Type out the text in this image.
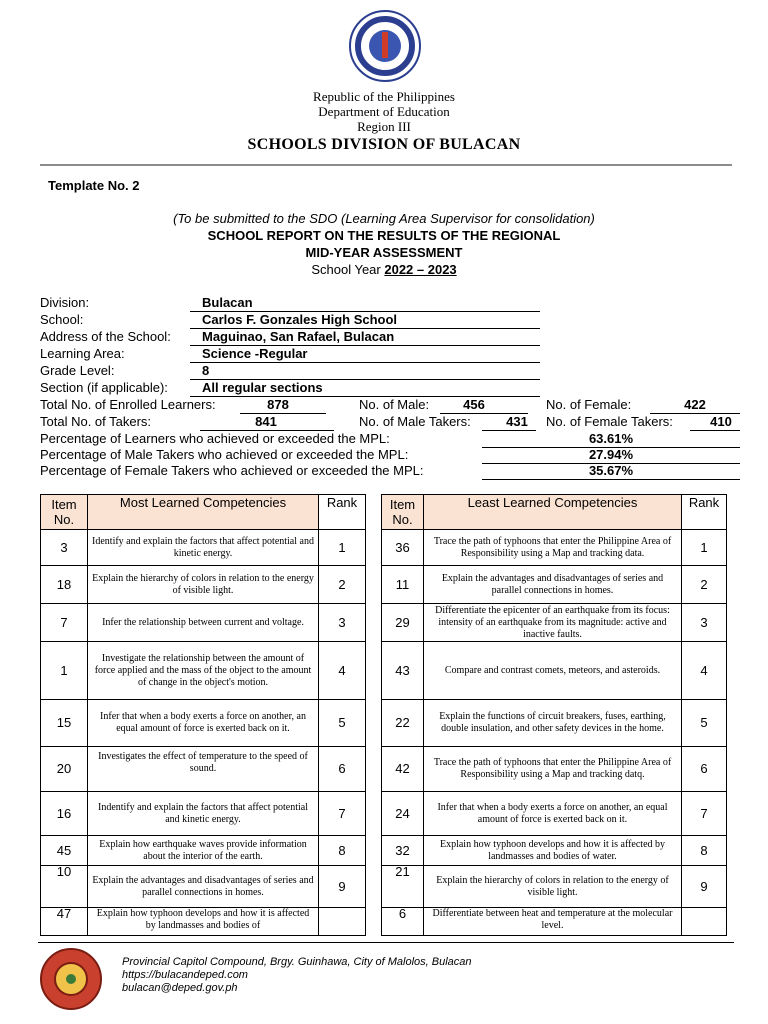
Republic of the Philippines
Department of Education
Region III
SCHOOLS DIVISION OF BULACAN
Template No. 2
(To be submitted to the SDO (Learning Area Supervisor for consolidation)
SCHOOL REPORT ON THE RESULTS OF THE REGIONAL
MID-YEAR ASSESSMENT
School Year 2022 – 2023
Division:	Bulacan
School:	Carlos F. Gonzales High School
Address of the School: Maguinao, San Rafael, Bulacan
Learning Area:	Science -Regular
Grade Level:	8
Section (if applicable):	All regular sections
Total No. of Enrolled Learners:	878	No. of Male:	456	No. of Female:	422
Total No. of Takers:	841	No. of Male Takers:	431	No. of Female Takers:	410
Percentage of Learners who achieved or exceeded the MPL:	63.61%
Percentage of Male Takers who achieved or exceeded the MPL:	27.94%
Percentage of Female Takers who achieved or exceeded the MPL:	35.67%
Item No.	Most Learned Competencies	Rank
3	Identify and explain the factors that affect potential and kinetic energy.	1
18	Explain the hierarchy of colors in relation to the energy of visible light.	2
7	Infer the relationship between current and voltage.	3
1	Investigate the relationship between the amount of force applied and the mass of the object to the amount of change in the object's motion.	4
15	Infer that when a body exerts a force on another, an equal amount of force is exerted back on it.	5
20	Investigates the effect of temperature to the speed of sound.	6
16	Indentify and explain the factors that affect potential and kinetic energy.	7
45	Explain how earthquake waves provide information about the interior of the earth.	8
10	Explain the advantages and disadvantages of series and parallel connections in homes.	9
47	Explain how typhoon develops and how it is affected by landmasses and bodies of	
Item No.	Least Learned Competencies	Rank
36	Trace the path of typhoons that enter the Philippine Area of Responsibility using a Map and tracking data.	1
11	Explain the advantages and disadvantages of series and parallel connections in homes.	2
29	Differentiate the epicenter of an earthquake from its focus: intensity of an earthquake from its magnitude: active and inactive faults.	3
43	Compare and contrast comets, meteors, and asteroids.	4
22	Explain the functions of circuit breakers, fuses, earthing, double insulation, and other safety devices in the home.	5
42	Trace the path of typhoons that enter the Philippine Area of Responsibility using a Map and tracking datq.	6
24	Infer that when a body exerts a force on another, an equal amount of force is exerted back on it.	7
32	Explain how typhoon develops and how it is affected by landmasses and bodies of water.	8
21	Explain the hierarchy of colors in relation to the energy of visible light.	9
6	Differentiate between heat and temperature at the molecular level.	
Provincial Capitol Compound, Brgy. Guinhawa, City of Malolos, Bulacan
https://bulacandeped.com
bulacan@deped.gov.ph
